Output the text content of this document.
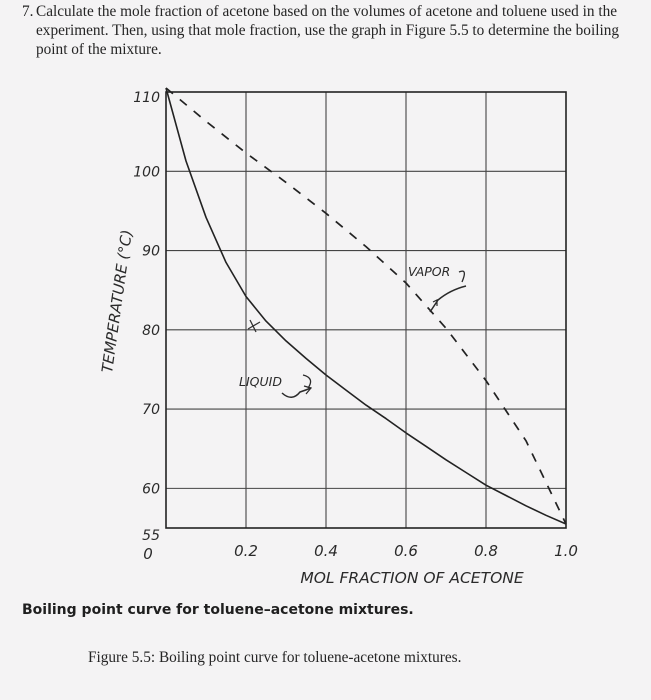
7. Calculate the mole fraction of acetone based on the volumes of acetone and toluene used in the experiment. Then, using that mole fraction, use the graph in Figure 5.5 to determine the boiling point of the mixture.
0	0.2	0.4	0.6	0.8	1.0
55
60
70
80
90
100
110
MOL FRACTION OF ACETONE
TEMPERATURE (°C)	VAPOR
LIQUID
Boiling point curve for toluene–acetone mixtures.
Figure 5.5: Boiling point curve for toluene-acetone mixtures.
